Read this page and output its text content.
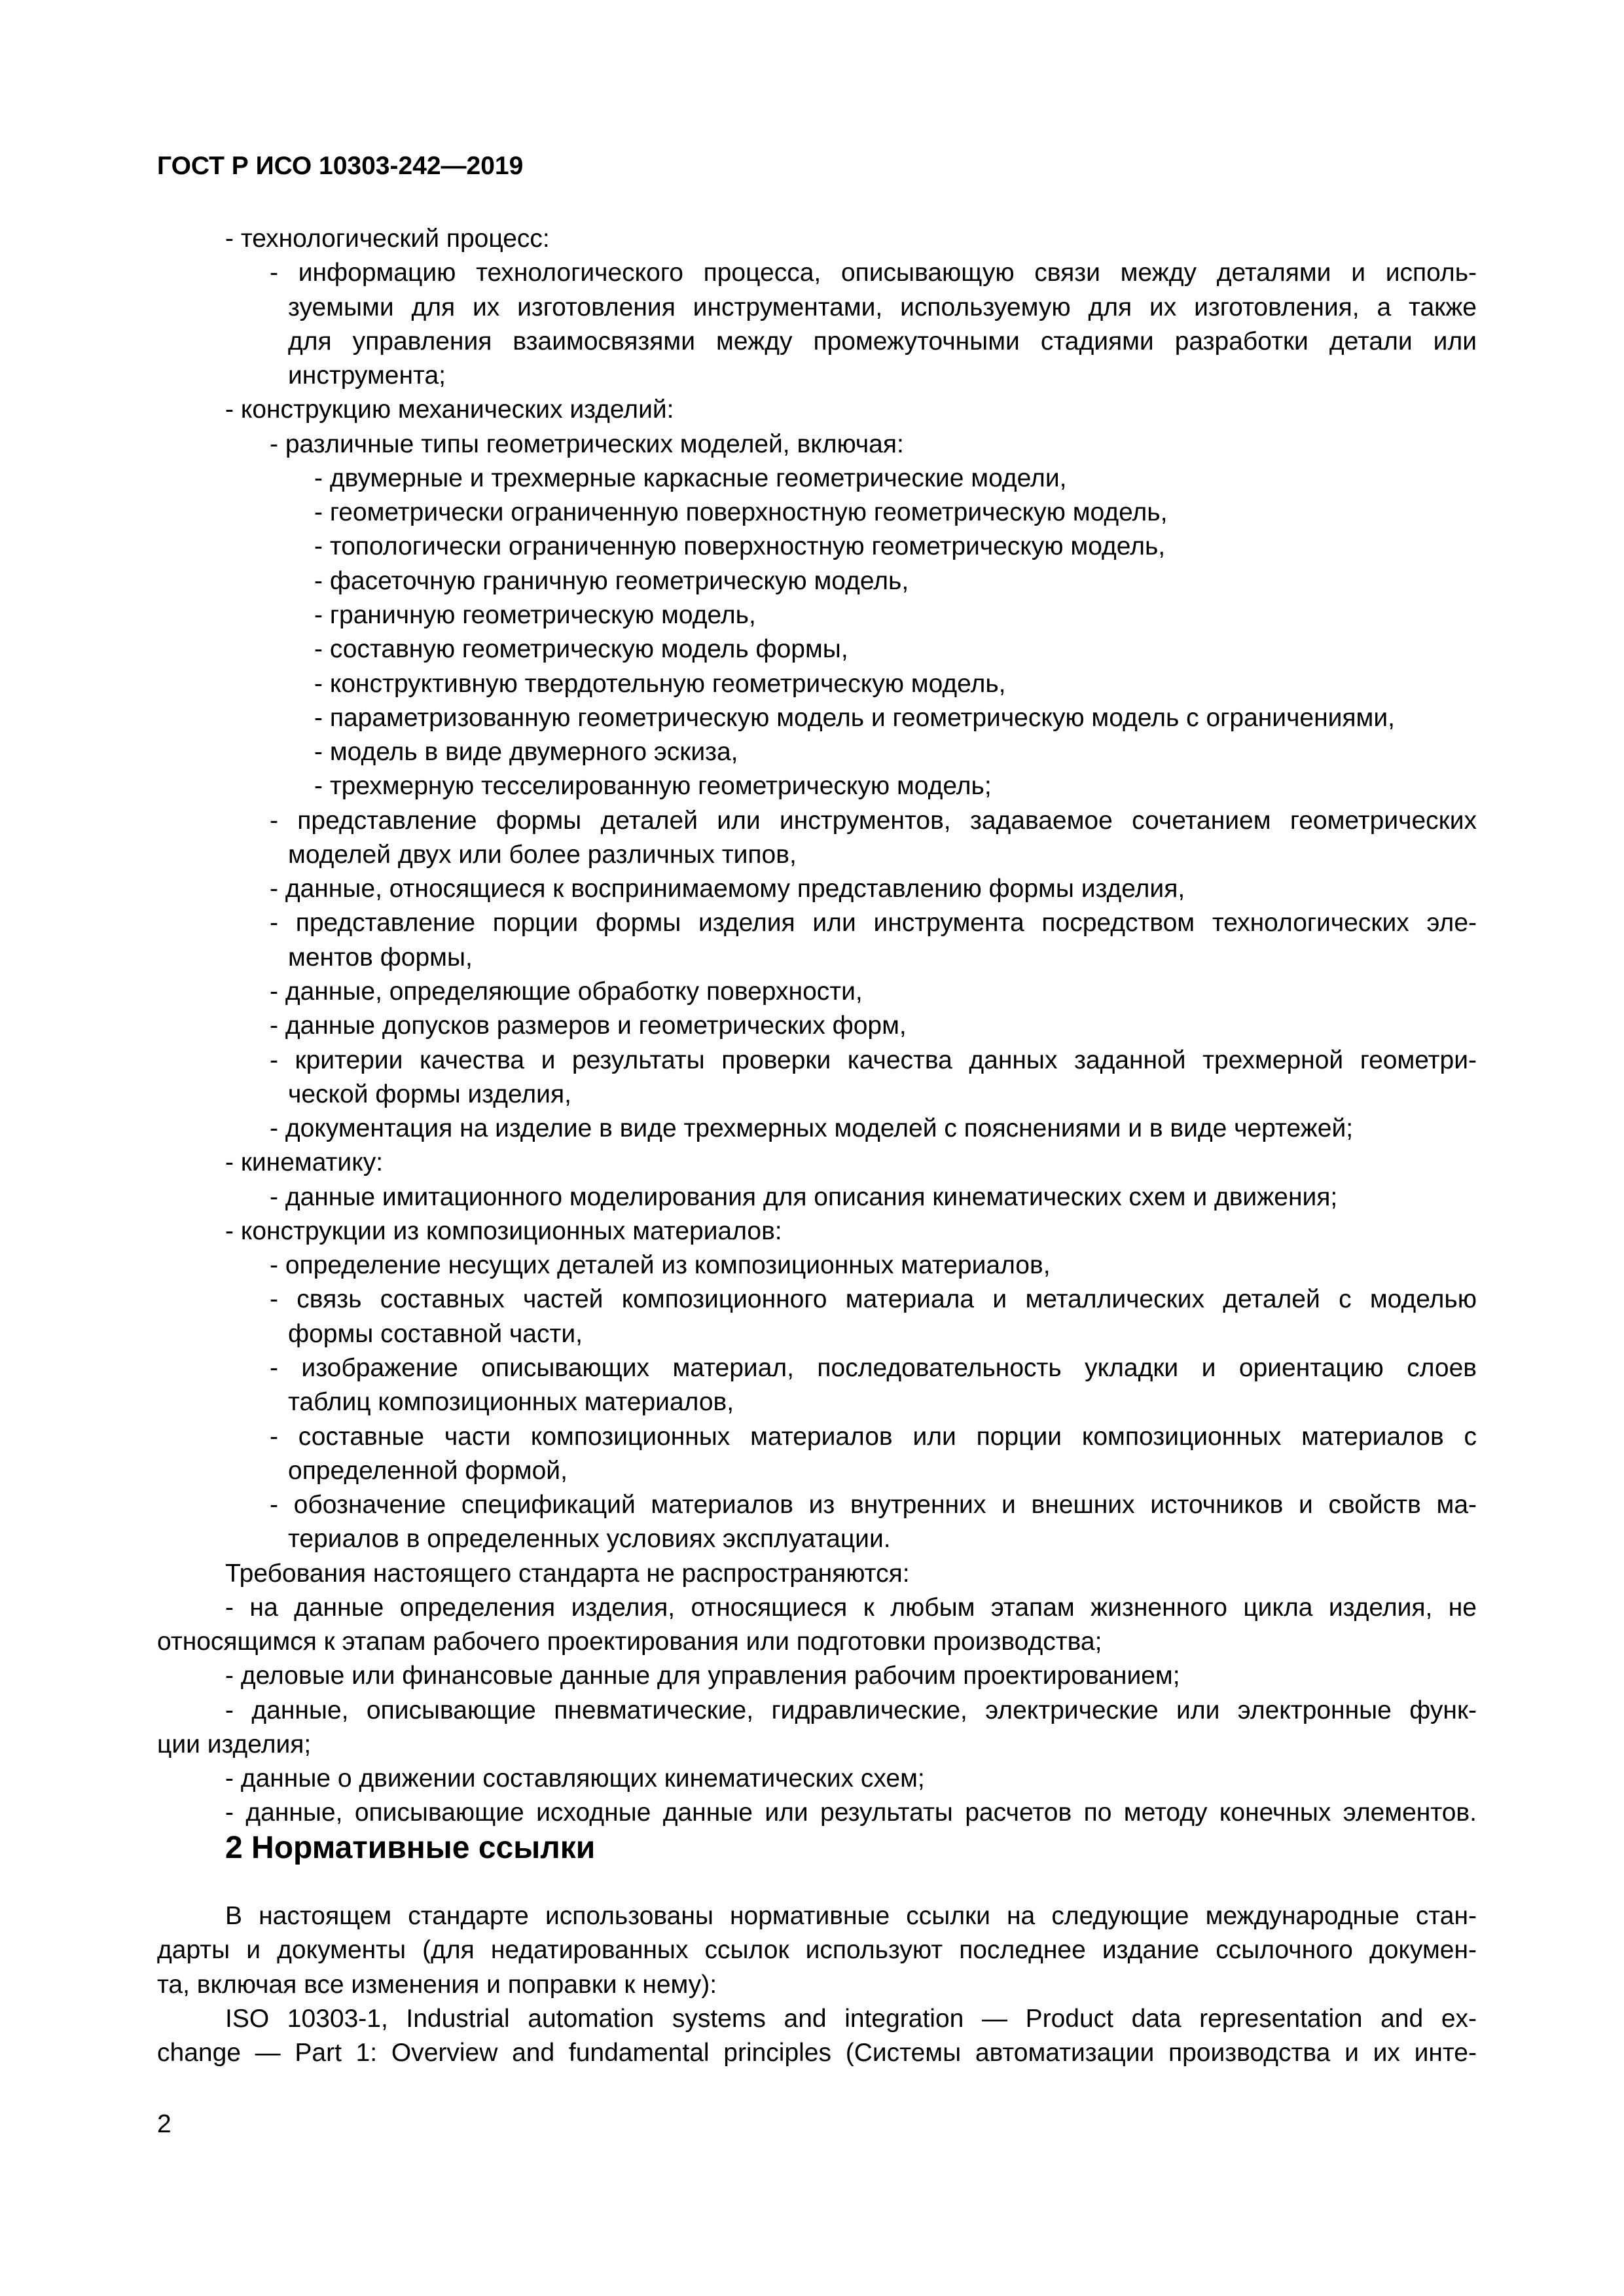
ГОСТ Р ИСО 10303-242—2019
- технологический процесс:
- информацию технологического процесса, описывающую связи между деталями и исполь-
зуемыми для их изготовления инструментами, используемую для их изготовления, а также
для управления взаимосвязями между промежуточными стадиями разработки детали или
инструмента;
- конструкцию механических изделий:
- различные типы геометрических моделей, включая:
- двумерные и трехмерные каркасные геометрические модели,
- геометрически ограниченную поверхностную геометрическую модель,
- топологически ограниченную поверхностную геометрическую модель,
- фасеточную граничную геометрическую модель,
- граничную геометрическую модель,
- составную геометрическую модель формы,
- конструктивную твердотельную геометрическую модель,
- параметризованную геометрическую модель и геометрическую модель с ограничениями,
- модель в виде двумерного эскиза,
- трехмерную тесселированную геометрическую модель;
- представление формы деталей или инструментов, задаваемое сочетанием геометрических
моделей двух или более различных типов,
- данные, относящиеся к воспринимаемому представлению формы изделия,
- представление порции формы изделия или инструмента посредством технологических эле-
ментов формы,
- данные, определяющие обработку поверхности,
- данные допусков размеров и геометрических форм,
- критерии качества и результаты проверки качества данных заданной трехмерной геометри-
ческой формы изделия,
- документация на изделие в виде трехмерных моделей с пояснениями и в виде чертежей;
- кинематику:
- данные имитационного моделирования для описания кинематических схем и движения;
- конструкции из композиционных материалов:
- определение несущих деталей из композиционных материалов,
- связь составных частей композиционного материала и металлических деталей с моделью
формы составной части,
- изображение описывающих материал, последовательность укладки и ориентацию слоев
таблиц композиционных материалов,
- составные части композиционных материалов или порции композиционных материалов с
определенной формой,
- обозначение спецификаций материалов из внутренних и внешних источников и свойств ма-
териалов в определенных условиях эксплуатации.
Требования настоящего стандарта не распространяются:
- на данные определения изделия, относящиеся к любым этапам жизненного цикла изделия, не
относящимся к этапам рабочего проектирования или подготовки производства;
- деловые или финансовые данные для управления рабочим проектированием;
- данные, описывающие пневматические, гидравлические, электрические или электронные функ-
ции изделия;
- данные о движении составляющих кинематических схем;
- данные, описывающие исходные данные или результаты расчетов по методу конечных элементов.
2 Нормативные ссылки
В настоящем стандарте использованы нормативные ссылки на следующие международные стан-
дарты и документы (для недатированных ссылок используют последнее издание ссылочного докумен-
та, включая все изменения и поправки к нему):
ISO 10303-1, Industrial automation systems and integration — Product data representation and ex-
change — Part 1: Overview and fundamental principles (Системы автоматизации производства и их инте-
2
